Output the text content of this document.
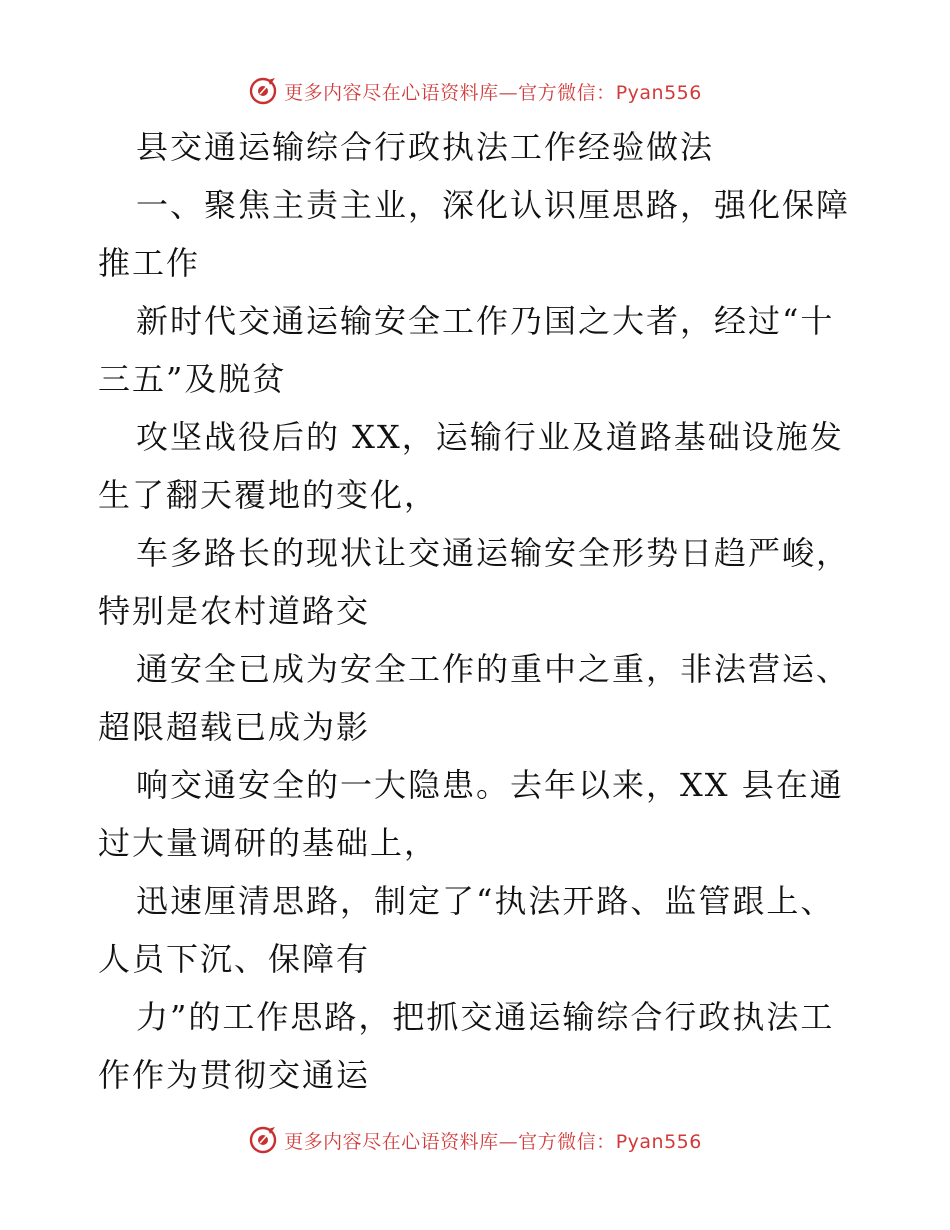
更多内容尽在心语资料库—官方微信：Pyan556
县交通运输综合行政执法工作经验做法
一、聚焦主责主业，深化认识厘思路，强化保障
推工作
新时代交通运输安全工作乃国之大者，经过“十
三五”及脱贫
攻坚战役后的 XX，运输行业及道路基础设施发
生了翻天覆地的变化，
车多路长的现状让交通运输安全形势日趋严峻，
特别是农村道路交
通安全已成为安全工作的重中之重，非法营运、
超限超载已成为影
响交通安全的一大隐患。去年以来，XX 县在通
过大量调研的基础上，
迅速厘清思路，制定了“执法开路、监管跟上、
人员下沉、保障有
力”的工作思路，把抓交通运输综合行政执法工
作作为贯彻交通运
更多内容尽在心语资料库—官方微信：Pyan556
